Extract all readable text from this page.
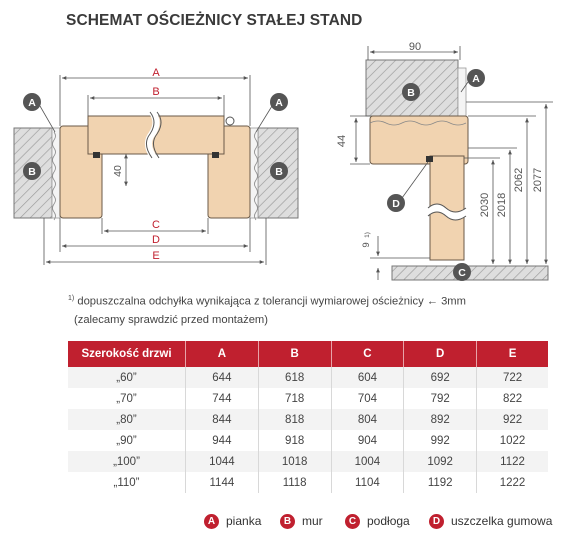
SCHEMAT OŚCIEŻNICY STAŁEJ STAND
A
B
C
D
E
40
A
B
A
B
90
44
9
1)
2030 2018
2062 2077
A
B
D
C
$^{1)}$ dopuszczalna odchyłka wynikająca z tolerancji wymiarowej ościeżnicy ← 3mm
(zalecamy sprawdzić przed montażem)
Szerokość drzwi	A	B	C	D	E
„60”	644	618	604	692	722
„70”	744	718	704	792	822
„80”	844	818	804	892	922
„90”	944	918	904	992	1022
„100”	1044	1018	1004	1092	1122
„110”	1144	1118	1104	1192	1222
A pianka	B mur	C podłoga	D uszczelka gumowa
